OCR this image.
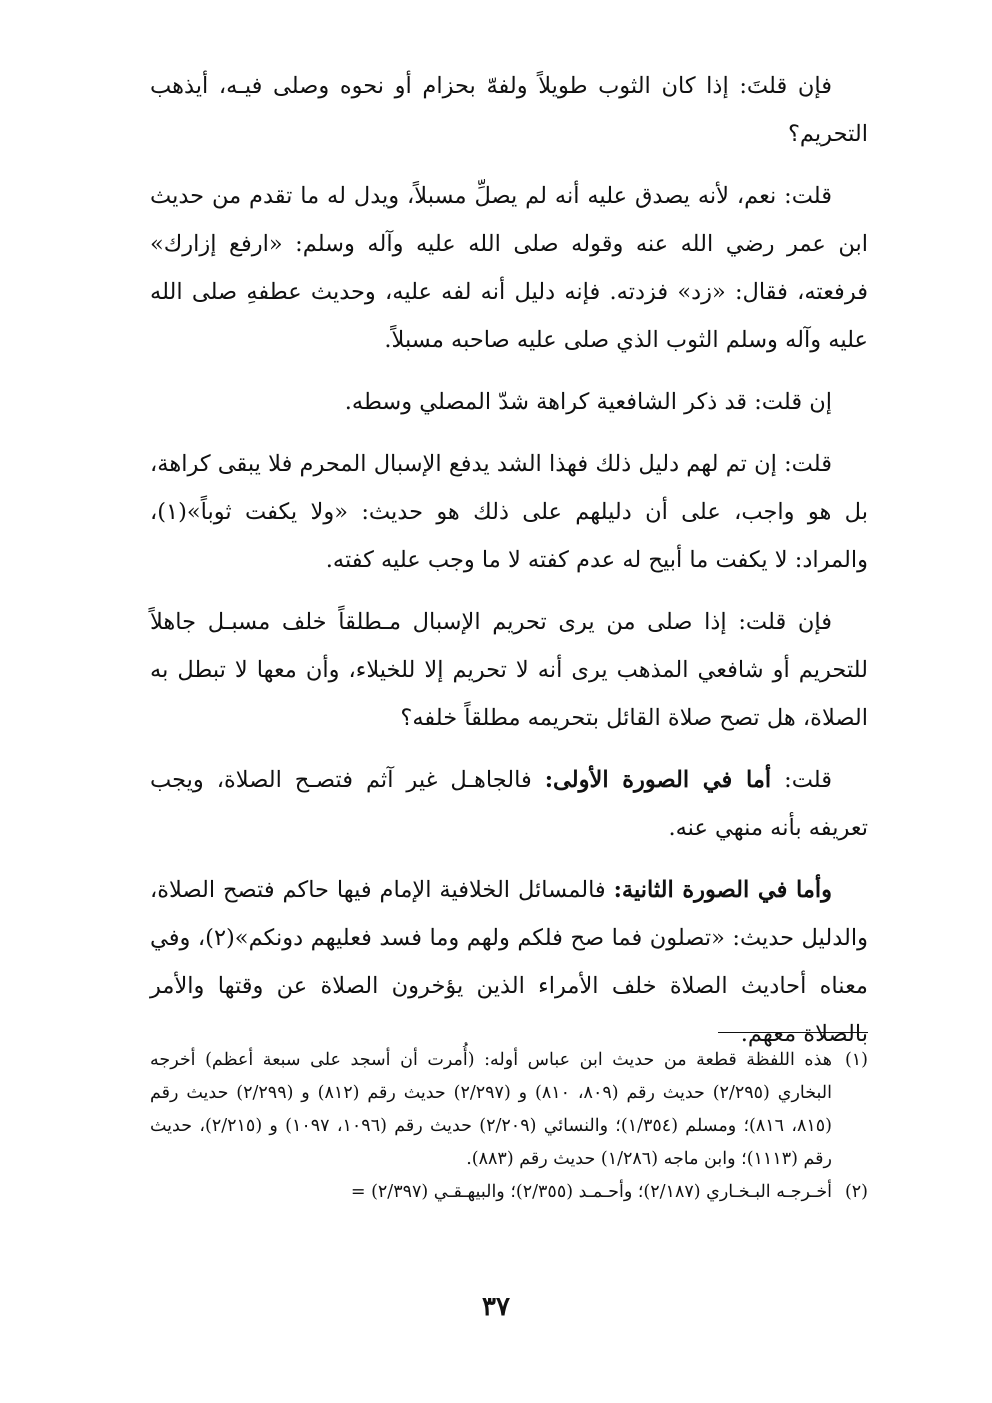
فإن قلتَ: إذا كان الثوب طويلاً ولفهّ بحزام أو نحوه وصلى فيـه، أيذهب التحريم؟

قلت: نعم، لأنه يصدق عليه أنه لم يصلِّ مسبلاً، ويدل له ما تقدم من حديث ابن عمر رضي الله عنه وقوله صلى الله عليه وآله وسلم: «ارفع إزارك» فرفعته، فقال: «زد» فزدته. فإنه دليل أنه لفه عليه، وحديث عطفهِ صلى الله عليه وآله وسلم الثوب الذي صلى عليه صاحبه مسبلاً.

إن قلت: قد ذكر الشافعية كراهة شدّ المصلي وسطه.

قلت: إن تم لهم دليل ذلك فهذا الشد يدفع الإسبال المحرم فلا يبقى كراهة، بل هو واجب، على أن دليلهم على ذلك هو حديث: «ولا يكفت ثوباً»(١)، والمراد: لا يكفت ما أبيح له عدم كفته لا ما وجب عليه كفته.

فإن قلت: إذا صلى من يرى تحريم الإسبال مـطلقاً خلف مسبـل جاهلاً للتحريم أو شافعي المذهب يرى أنه لا تحريم إلا للخيلاء، وأن معها لا تبطل به الصلاة، هل تصح صلاة القائل بتحريمه مطلقاً خلفه؟

قلت: أما في الصورة الأولى: فالجاهـل غير آثم فتصـح الصلاة، ويجب تعريفه بأنه منهي عنه.

وأما في الصورة الثانية: فالمسائل الخلافية الإمام فيها حاكم فتصح الصلاة، والدليل حديث: «تصلون فما صح فلكم ولهم وما فسد فعليهم دونكم»(٢)، وفي معناه أحاديث الصلاة خلف الأمراء الذين يؤخرون الصلاة عن وقتها والأمر بالصلاة معهم.

(١)
هذه اللفظة قطعة من حديث ابن عباس أوله: (أُمرت أن أسجد على سبعة أعظم) أخرجه البخاري (٢/٢٩٥) حديث رقم (٨٠٩، ٨١٠) و (٢/٢٩٧) حديث رقم (٨١٢) و (٢/٢٩٩) حديث رقم (٨١٥، ٨١٦)؛ ومسلم (١/٣٥٤)؛ والنسائي (٢/٢٠٩) حديث رقم (١٠٩٦، ١٠٩٧) و (٢/٢١٥)، حديث رقم (١١١٣)؛ وابن ماجه (١/٢٨٦) حديث رقم (٨٨٣).
(٢)
أخـرجـه البـخـاري (٢/١٨٧)؛ وأحـمـد (٢/٣٥٥)؛ والبيهـقـي (٢/٣٩٧) =
٣٧
